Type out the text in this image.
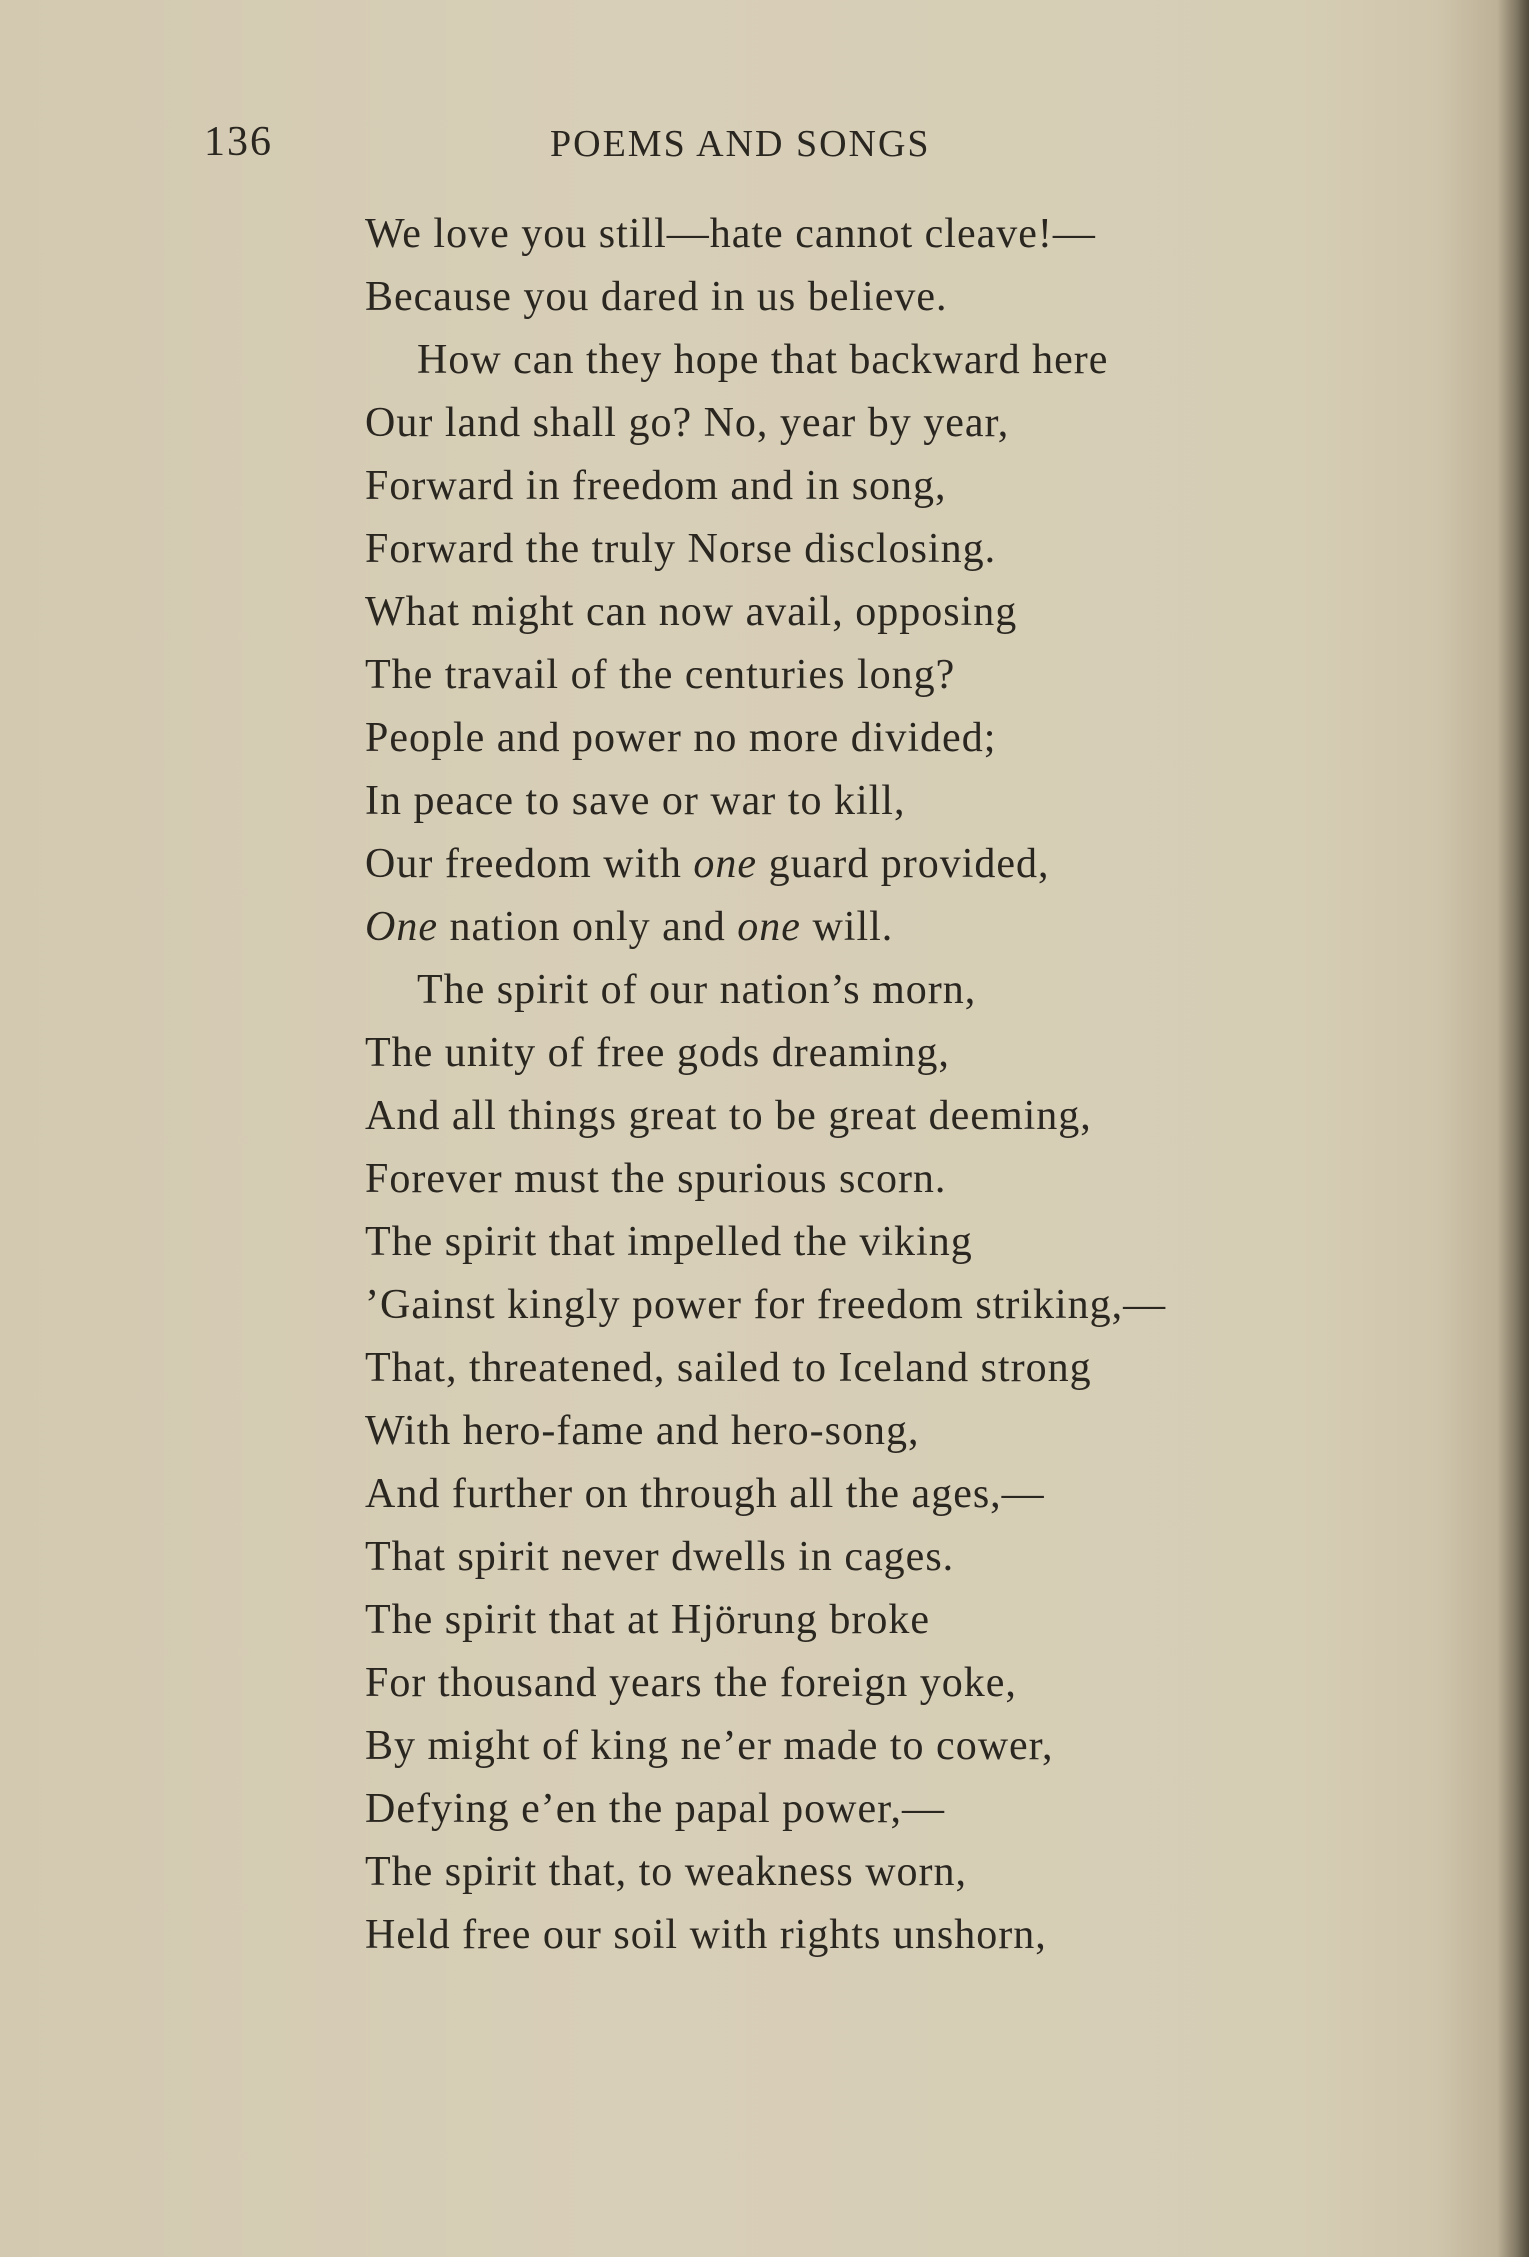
136	POEMS AND SONGS
We love you still—hate cannot cleave!—
Because you dared in us believe.
How can they hope that backward here
Our land shall go? No, year by year,
Forward in freedom and in song,
Forward the truly Norse disclosing.
What might can now avail, opposing
The travail of the centuries long?
People and power no more divided;
In peace to save or war to kill,
Our freedom with one guard provided,
One nation only and one will.
The spirit of our nation’s morn,
The unity of free gods dreaming,
And all things great to be great deeming,
Forever must the spurious scorn.
The spirit that impelled the viking
’Gainst kingly power for freedom striking,—
That, threatened, sailed to Iceland strong
With hero-fame and hero-song,
And further on through all the ages,—
That spirit never dwells in cages.
The spirit that at Hjörung broke
For thousand years the foreign yoke,
By might of king ne’er made to cower,
Defying e’en the papal power,—
The spirit that, to weakness worn,
Held free our soil with rights unshorn,
